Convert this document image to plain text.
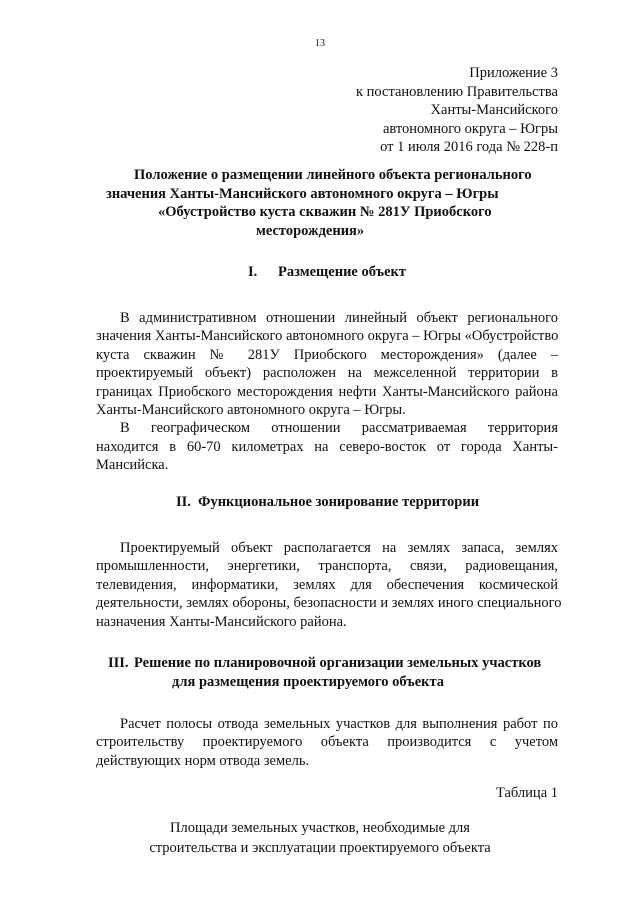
13
Приложение 3
к постановлению Правительства
Ханты-Мансийского
автономного округа – Югры
от 1 июля 2016 года № 228-п
Положение о размещении линейного объекта регионального
значения Ханты-Мансийского автономного округа – Югры
«Обустройство куста скважин № 281У Приобского
месторождения»
I. Размещение объект
В административном отношении линейный объект регионального
значения Ханты-Мансийского автономного округа – Югры «Обустройство
куста скважин № 281У Приобского месторождения» (далее –
проектируемый объект) расположен на межселенной территории в
границах Приобского месторождения нефти Ханты-Мансийского района
Ханты-Мансийского автономного округа – Югры.
В географическом отношении рассматриваемая территория
находится в 60-70 километрах на северо-восток от города Ханты-
Мансийска.
II. Функциональное зонирование территории
Проектируемый объект располагается на землях запаса, землях
промышленности, энергетики, транспорта, связи, радиовещания,
телевидения, информатики, землях для обеспечения космической
деятельности, землях обороны, безопасности и землях иного специального
назначения Ханты-Мансийского района.
III. Решение по планировочной организации земельных участков
для размещения проектируемого объекта
Расчет полосы отвода земельных участков для выполнения работ по
строительству проектируемого объекта производится с учетом
действующих норм отвода земель.
Таблица 1
Площади земельных участков, необходимые для
строительства и эксплуатации проектируемого объекта
